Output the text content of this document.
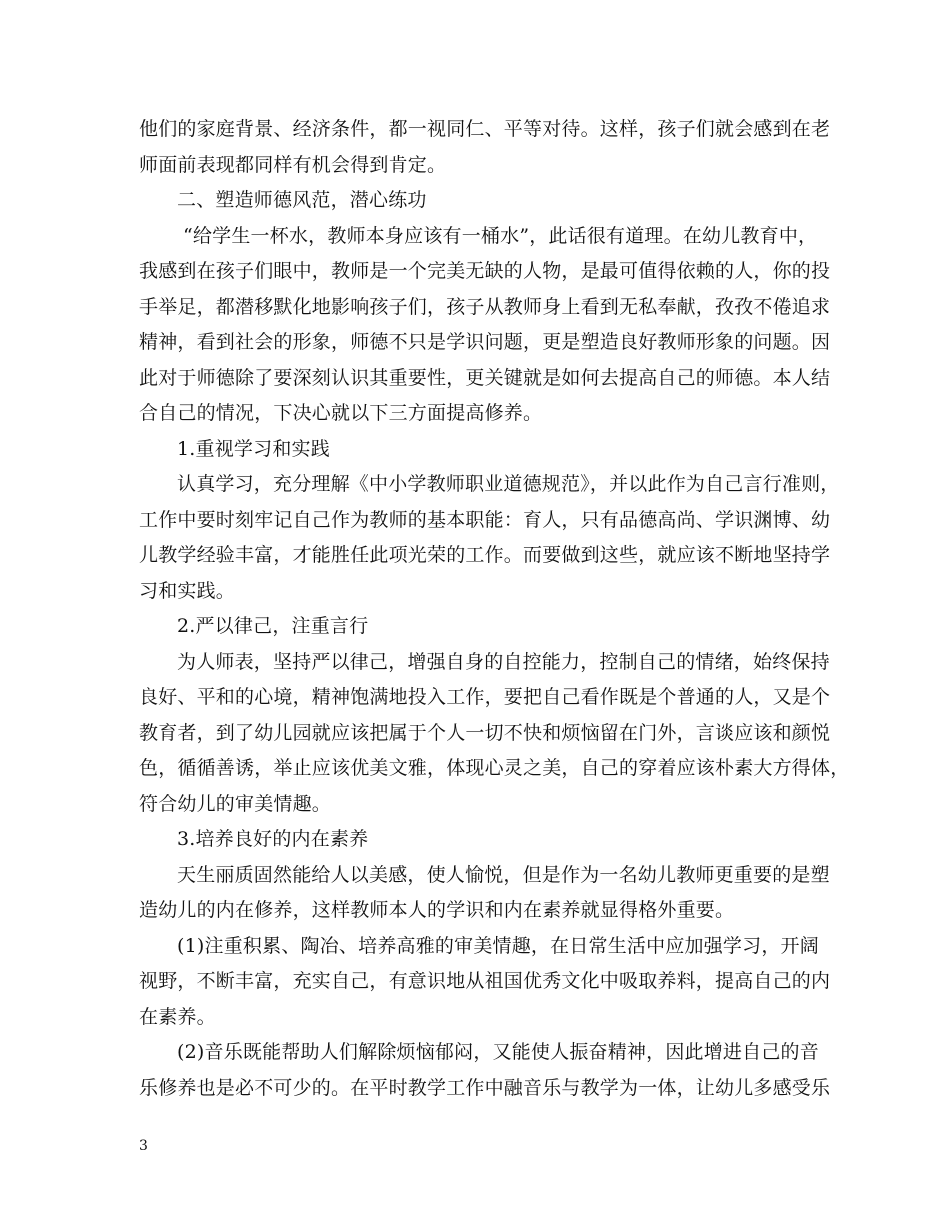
他们的家庭背景、经济条件，都一视同仁、平等对待。这样，孩子们就会感到在老
师面前表现都同样有机会得到肯定。
二、塑造师德风范，潜心练功
“给学生一杯水，教师本身应该有一桶水”，此话很有道理。在幼儿教育中，
我感到在孩子们眼中，教师是一个完美无缺的人物，是最可值得依赖的人，你的投
手举足，都潜移默化地影响孩子们，孩子从教师身上看到无私奉献，孜孜不倦追求
精神，看到社会的形象，师德不只是学识问题，更是塑造良好教师形象的问题。因
此对于师德除了要深刻认识其重要性，更关键就是如何去提高自己的师德。本人结
合自己的情况，下决心就以下三方面提高修养。
1.重视学习和实践
认真学习，充分理解《中小学教师职业道德规范》，并以此作为自己言行准则，
工作中要时刻牢记自己作为教师的基本职能：育人，只有品德高尚、学识渊博、幼
儿教学经验丰富，才能胜任此项光荣的工作。而要做到这些，就应该不断地坚持学
习和实践。
2.严以律己，注重言行
为人师表，坚持严以律己，增强自身的自控能力，控制自己的情绪，始终保持
良好、平和的心境，精神饱满地投入工作，要把自己看作既是个普通的人，又是个
教育者，到了幼儿园就应该把属于个人一切不快和烦恼留在门外，言谈应该和颜悦
色，循循善诱，举止应该优美文雅，体现心灵之美，自己的穿着应该朴素大方得体，
符合幼儿的审美情趣。
3.培养良好的内在素养
天生丽质固然能给人以美感，使人愉悦，但是作为一名幼儿教师更重要的是塑
造幼儿的内在修养，这样教师本人的学识和内在素养就显得格外重要。
(1)注重积累、陶冶、培养高雅的审美情趣，在日常生活中应加强学习，开阔
视野，不断丰富，充实自己，有意识地从祖国优秀文化中吸取养料，提高自己的内
在素养。
(2)音乐既能帮助人们解除烦恼郁闷，又能使人振奋精神，因此增进自己的音
乐修养也是必不可少的。在平时教学工作中融音乐与教学为一体，让幼儿多感受乐
3
